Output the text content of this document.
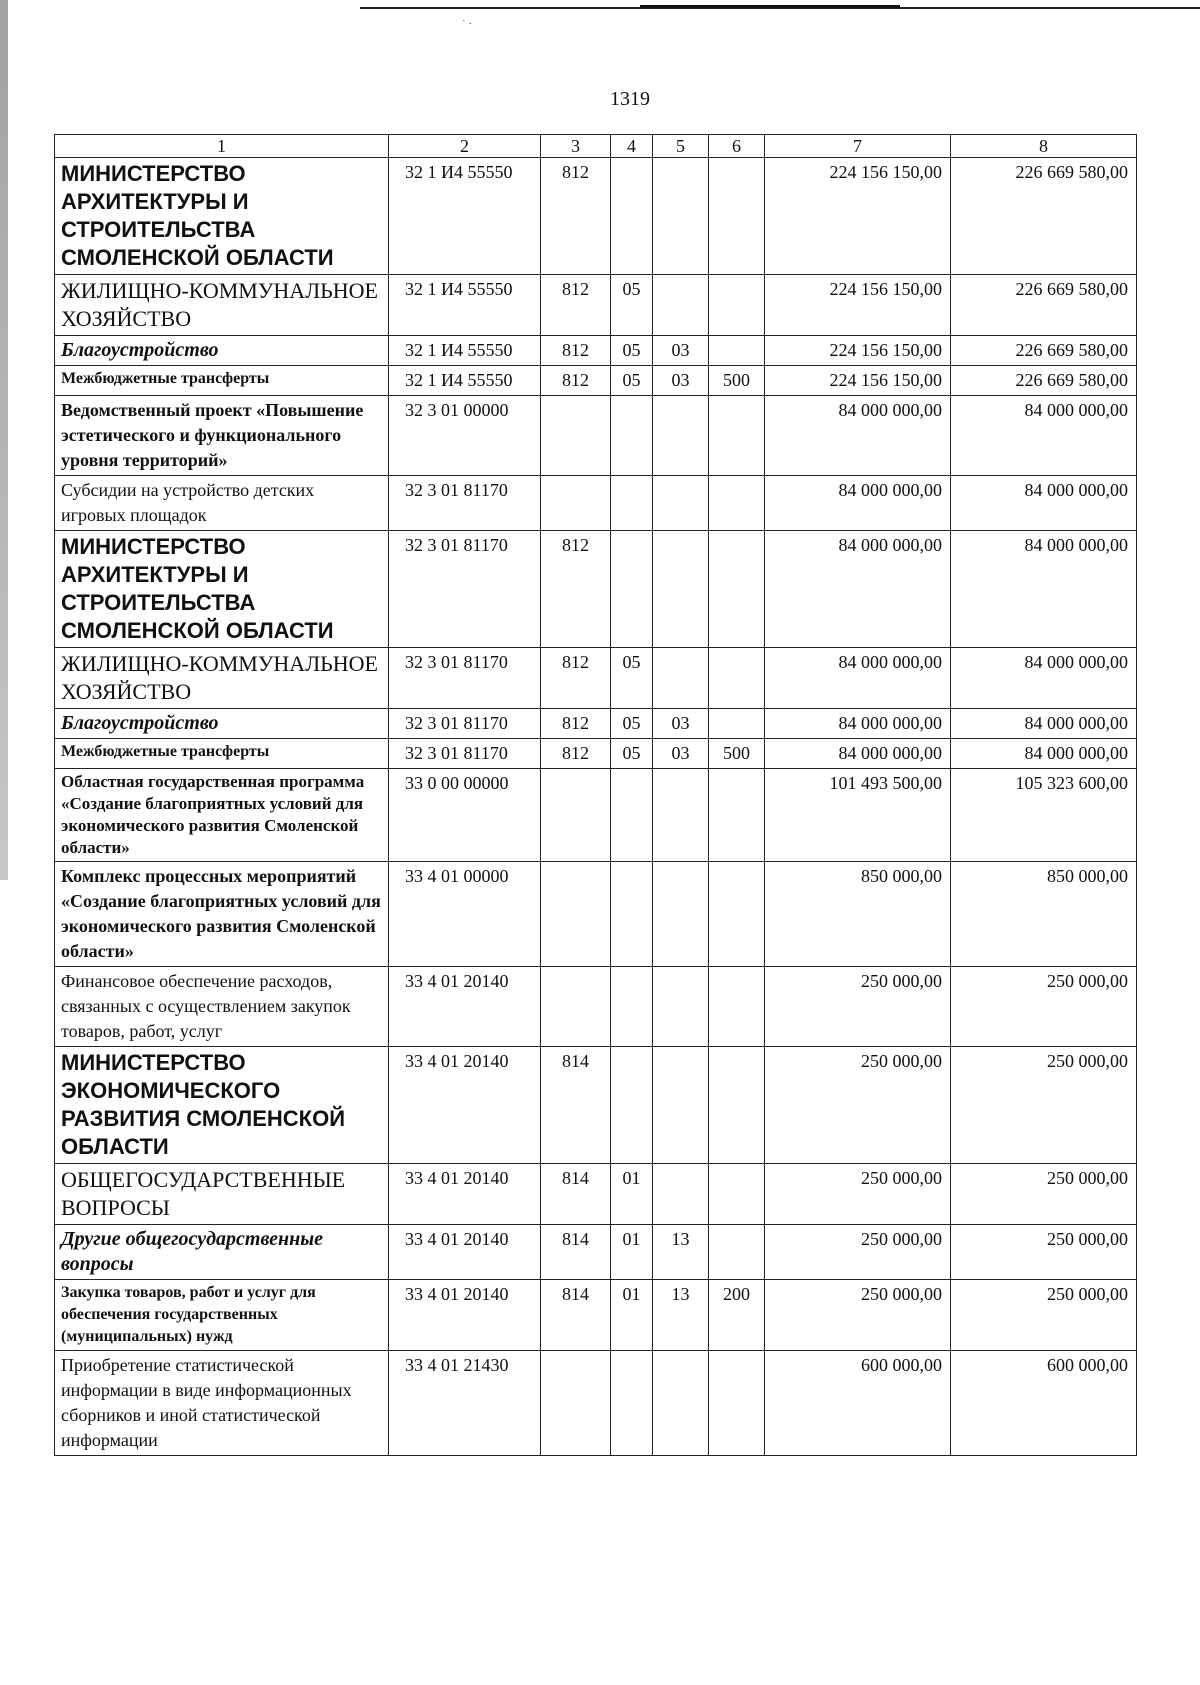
˙ ·
1319
1	2	3	4	5	6	7	8
МИНИСТЕРСТВО АРХИТЕКТУРЫ И СТРОИТЕЛЬСТВА СМОЛЕНСКОЙ ОБЛАСТИ	32 1 И4 55550	812				224 156 150,00	226 669 580,00
ЖИЛИЩНО-КОММУНАЛЬНОЕ ХОЗЯЙСТВО	32 1 И4 55550	812	05			224 156 150,00	226 669 580,00
Благоустройство	32 1 И4 55550	812	05	03		224 156 150,00	226 669 580,00
Межбюджетные трансферты	32 1 И4 55550	812	05	03	500	224 156 150,00	226 669 580,00
Ведомственный проект «Повышение эстетического и функционального уровня территорий»	32 3 01 00000					84 000 000,00	84 000 000,00
Субсидии на устройство детских игровых площадок	32 3 01 81170					84 000 000,00	84 000 000,00
МИНИСТЕРСТВО АРХИТЕКТУРЫ И СТРОИТЕЛЬСТВА СМОЛЕНСКОЙ ОБЛАСТИ	32 3 01 81170	812				84 000 000,00	84 000 000,00
ЖИЛИЩНО-КОММУНАЛЬНОЕ ХОЗЯЙСТВО	32 3 01 81170	812	05			84 000 000,00	84 000 000,00
Благоустройство	32 3 01 81170	812	05	03		84 000 000,00	84 000 000,00
Межбюджетные трансферты	32 3 01 81170	812	05	03	500	84 000 000,00	84 000 000,00
Областная государственная программа «Создание благоприятных условий для экономического развития Смоленской области»	33 0 00 00000					101 493 500,00	105 323 600,00
Комплекс процессных мероприятий «Создание благоприятных условий для экономического развития Смоленской области»	33 4 01 00000					850 000,00	850 000,00
Финансовое обеспечение расходов, связанных с осуществлением закупок товаров, работ, услуг	33 4 01 20140					250 000,00	250 000,00
МИНИСТЕРСТВО ЭКОНОМИЧЕСКОГО РАЗВИТИЯ СМОЛЕНСКОЙ ОБЛАСТИ	33 4 01 20140	814				250 000,00	250 000,00
ОБЩЕГОСУДАРСТВЕННЫЕ ВОПРОСЫ	33 4 01 20140	814	01			250 000,00	250 000,00
Другие общегосударственные вопросы	33 4 01 20140	814	01	13		250 000,00	250 000,00
Закупка товаров, работ и услуг для обеспечения государственных (муниципальных) нужд	33 4 01 20140	814	01	13	200	250 000,00	250 000,00
Приобретение статистической информации в виде информационных сборников и иной статистической информации	33 4 01 21430					600 000,00	600 000,00
